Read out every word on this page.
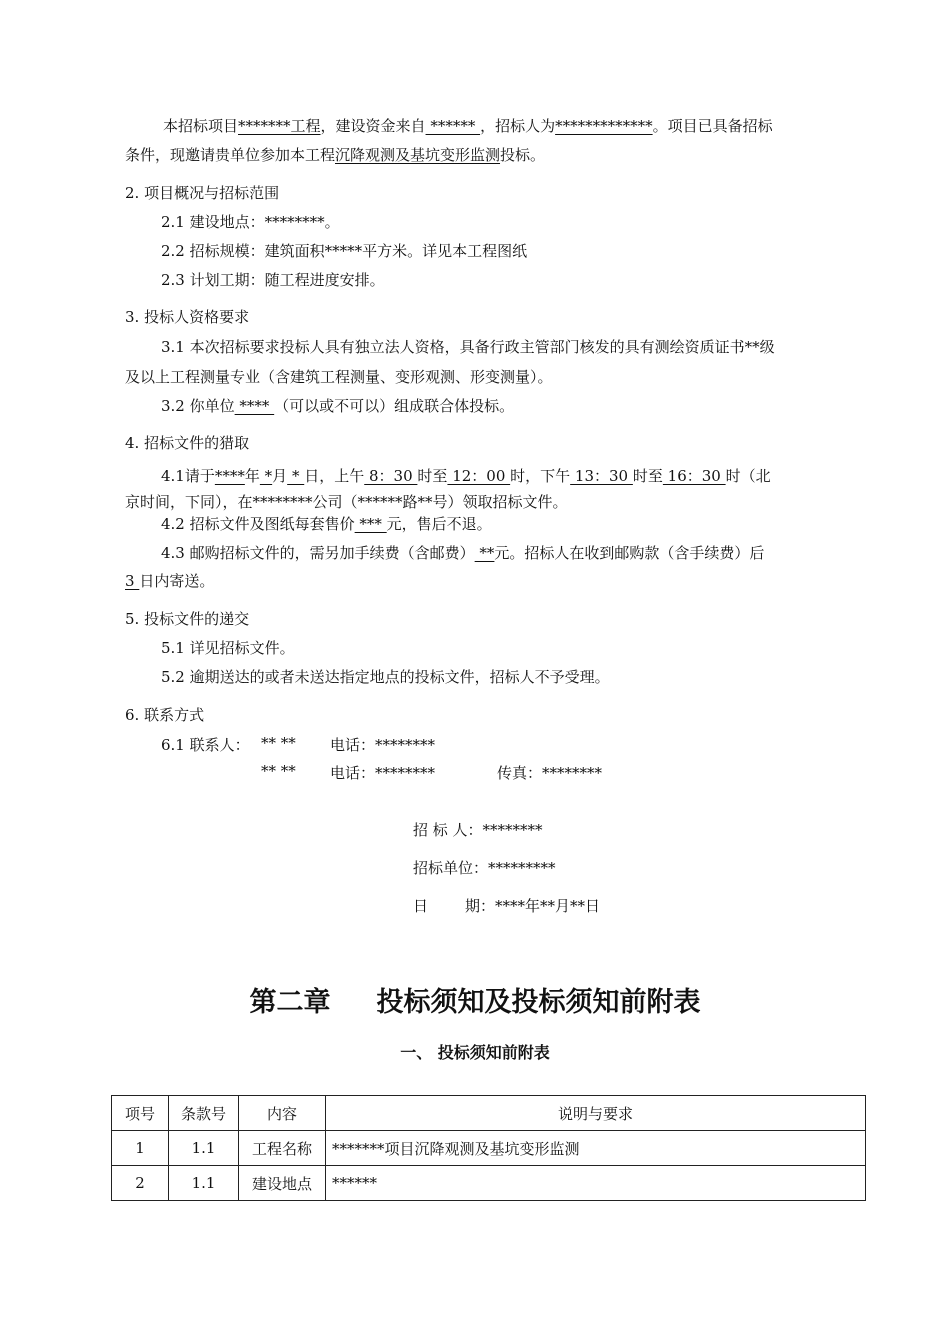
本招标项目*******工程，建设资金来自 ****** ，招标人为*************。项目已具备招标
条件，现邀请贵单位参加本工程沉降观测及基坑变形监测投标。
2. 项目概况与招标范围
2.1 建设地点：********。
2.2 招标规模：建筑面积*****平方米。详见本工程图纸
2.3 计划工期：随工程进度安排。
3. 投标人资格要求
3.1 本次招标要求投标人具有独立法人资格，具备行政主管部门核发的具有测绘资质证书**级
及以上工程测量专业（含建筑工程测量、变形观测、形变测量）。
3.2 你单位 **** （可以或不可以）组成联合体投标。
4. 招标文件的猎取
4.1请于****年 *月 * 日，上午 8：30 时至 12：00 时，下午 13：30 时至 16：30 时（北
京时间，下同），在********公司（******路**号）领取招标文件。
4.2 招标文件及图纸每套售价 *** 元，售后不退。
4.3 邮购招标文件的，需另加手续费（含邮费） **元。招标人在收到邮购款（含手续费）后
3 日内寄送。
5. 投标文件的递交
5.1 详见招标文件。
5.2 逾期送达的或者未送达指定地点的投标文件，招标人不予受理。
6. 联系方式
6.1 联系人： ** ** 电话：********
** ** 电话：********	传真：********
招 标 人：********
招标单位：*********
日 期：****年**月**日
第二章 投标须知及投标须知前附表
一、 投标须知前附表
项号	条款号	内容	说明与要求
1	1.1	工程名称	*******项目沉降观测及基坑变形监测
2	1.1	建设地点	******
